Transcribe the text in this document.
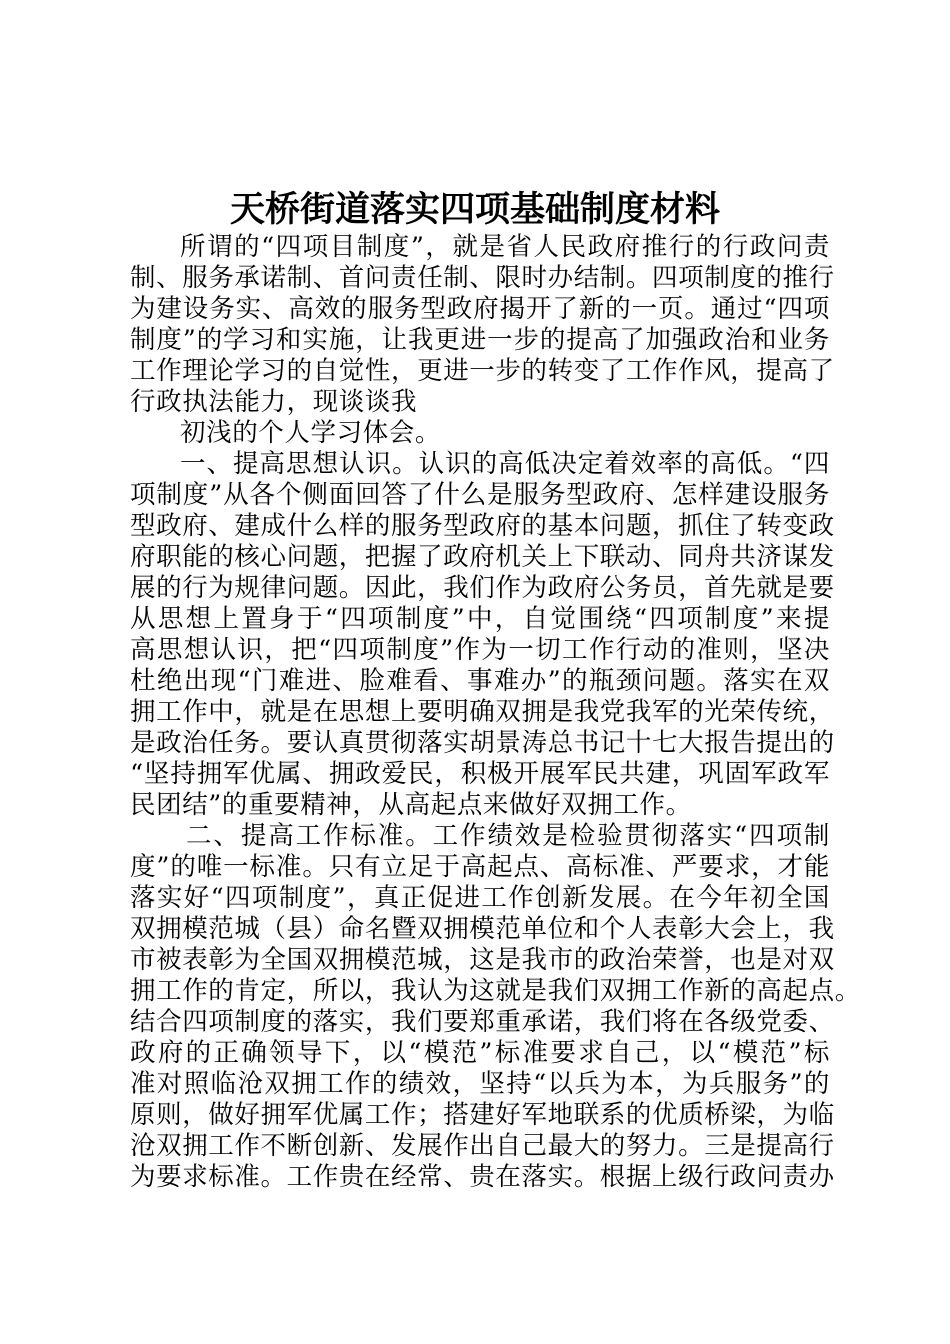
天桥街道落实四项基础制度材料
所谓的“四项目制度”，就是省人民政府推行的行政问责
制、服务承诺制、首问责任制、限时办结制。四项制度的推行
为建设务实、高效的服务型政府揭开了新的一页。通过“四项
制度”的学习和实施，让我更进一步的提高了加强政治和业务
工作理论学习的自觉性，更进一步的转变了工作作风，提高了
行政执法能力，现谈谈我
初浅的个人学习体会。
一、提高思想认识。认识的高低决定着效率的高低。“四
项制度”从各个侧面回答了什么是服务型政府、怎样建设服务
型政府、建成什么样的服务型政府的基本问题，抓住了转变政
府职能的核心问题，把握了政府机关上下联动、同舟共济谋发
展的行为规律问题。因此，我们作为政府公务员，首先就是要
从思想上置身于“四项制度”中，自觉围绕“四项制度”来提
高思想认识，把“四项制度”作为一切工作行动的准则，坚决
杜绝出现“门难进、脸难看、事难办”的瓶颈问题。落实在双
拥工作中，就是在思想上要明确双拥是我党我军的光荣传统，
是政治任务。要认真贯彻落实胡景涛总书记十七大报告提出的
“坚持拥军优属、拥政爱民，积极开展军民共建，巩固军政军
民团结”的重要精神，从高起点来做好双拥工作。
二、提高工作标准。工作绩效是检验贯彻落实“四项制
度”的唯一标准。只有立足于高起点、高标准、严要求，才能
落实好“四项制度”，真正促进工作创新发展。在今年初全国
双拥模范城（县）命名暨双拥模范单位和个人表彰大会上，我
市被表彰为全国双拥模范城，这是我市的政治荣誉，也是对双
拥工作的肯定，所以，我认为这就是我们双拥工作新的高起点。
结合四项制度的落实，我们要郑重承诺，我们将在各级党委、
政府的正确领导下，以“模范”标准要求自己，以“模范”标
准对照临沧双拥工作的绩效，坚持“以兵为本，为兵服务”的
原则，做好拥军优属工作；搭建好军地联系的优质桥梁，为临
沧双拥工作不断创新、发展作出自己最大的努力。三是提高行
为要求标准。工作贵在经常、贵在落实。根据上级行政问责办
